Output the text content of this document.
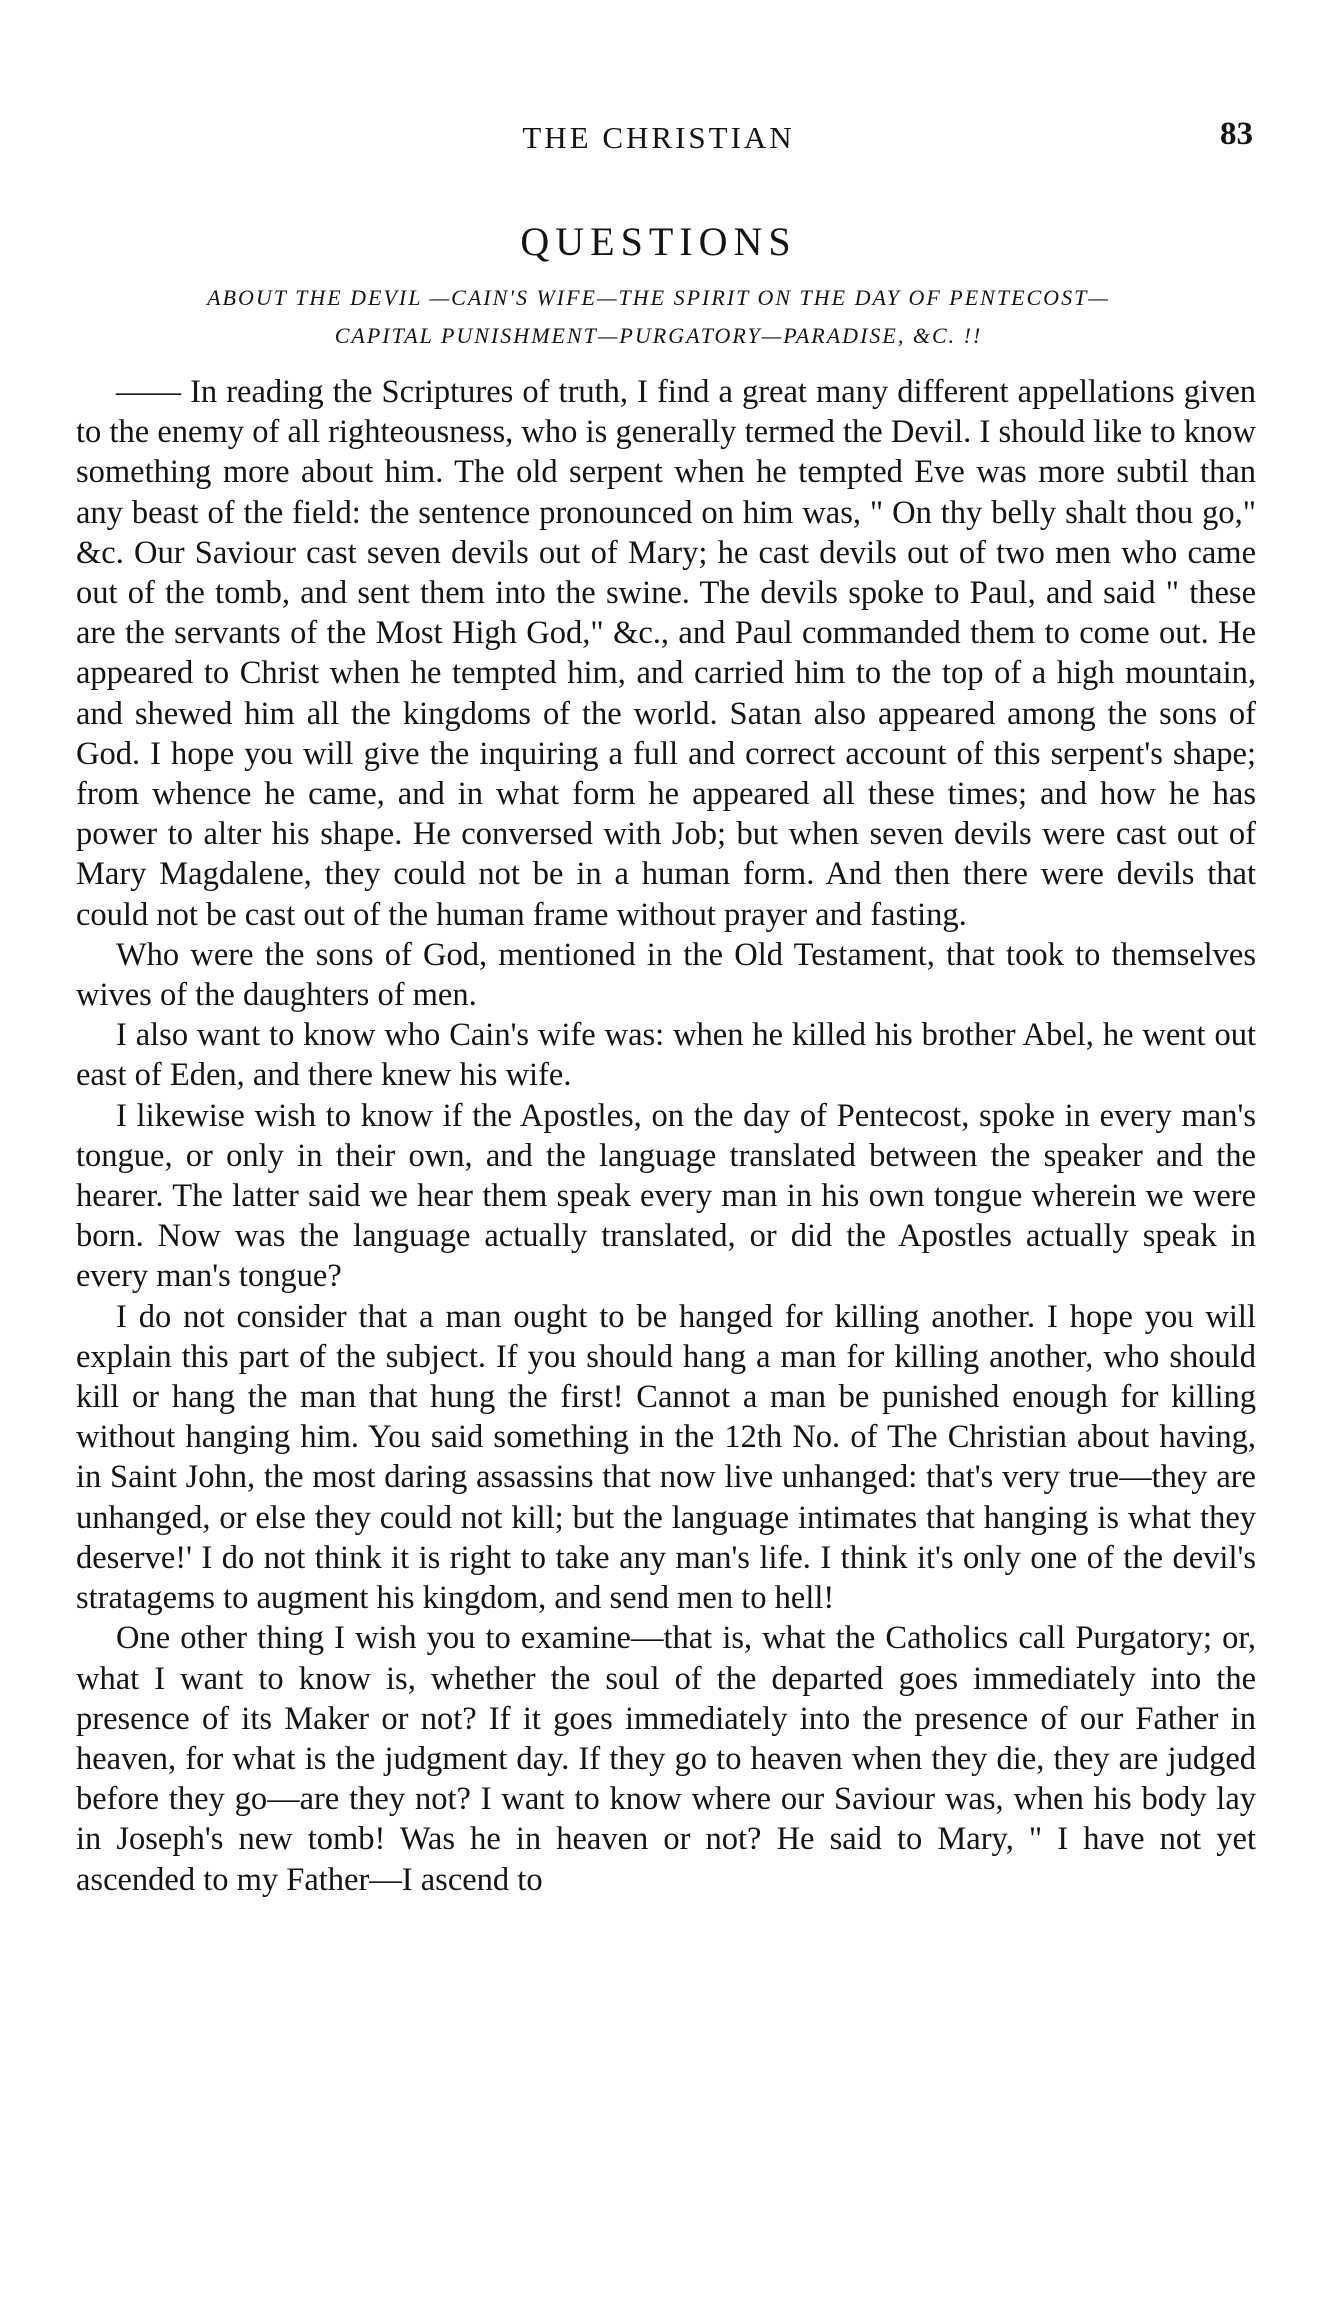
THE CHRISTIAN	83
QUESTIONS
ABOUT THE DEVIL —CAIN'S WIFE—THE SPIRIT ON THE DAY OF PENTECOST—
CAPITAL PUNISHMENT—PURGATORY—PARADISE, &C. !!

—— In reading the Scriptures of truth, I find a great many different appellations given to the enemy of all righteousness, who is generally termed the Devil. I should like to know something more about him. The old serpent when he tempted Eve was more subtil than any beast of the field: the sentence pronounced on him was, " On thy belly shalt thou go," &c. Our Saviour cast seven devils out of Mary; he cast devils out of two men who came out of the tomb, and sent them into the swine. The devils spoke to Paul, and said " these are the servants of the Most High God," &c., and Paul commanded them to come out. He appeared to Christ when he tempted him, and carried him to the top of a high mountain, and shewed him all the kingdoms of the world. Satan also appeared among the sons of God. I hope you will give the inquiring a full and correct account of this serpent's shape; from whence he came, and in what form he appeared all these times; and how he has power to alter his shape. He conversed with Job; but when seven devils were cast out of Mary Magdalene, they could not be in a human form. And then there were devils that could not be cast out of the human frame without prayer and fasting.

Who were the sons of God, mentioned in the Old Testament, that took to themselves wives of the daughters of men.

I also want to know who Cain's wife was: when he killed his brother Abel, he went out east of Eden, and there knew his wife.

I likewise wish to know if the Apostles, on the day of Pentecost, spoke in every man's tongue, or only in their own, and the language translated between the speaker and the hearer. The latter said we hear them speak every man in his own tongue wherein we were born. Now was the language actually translated, or did the Apostles actually speak in every man's tongue?

I do not consider that a man ought to be hanged for killing another. I hope you will explain this part of the subject. If you should hang a man for killing another, who should kill or hang the man that hung the first! Cannot a man be punished enough for killing without hanging him. You said something in the 12th No. of The Christian about having, in Saint John, the most daring assassins that now live unhanged: that's very true—they are unhanged, or else they could not kill; but the language intimates that hanging is what they deserve!' I do not think it is right to take any man's life. I think it's only one of the devil's stratagems to augment his kingdom, and send men to hell!

One other thing I wish you to examine—that is, what the Catholics call Purgatory; or, what I want to know is, whether the soul of the departed goes immediately into the presence of its Maker or not? If it goes immediately into the presence of our Father in heaven, for what is the judgment day. If they go to heaven when they die, they are judged before they go—are they not? I want to know where our Saviour was, when his body lay in Joseph's new tomb! Was he in heaven or not? He said to Mary, " I have not yet ascended to my Father—I ascend to
